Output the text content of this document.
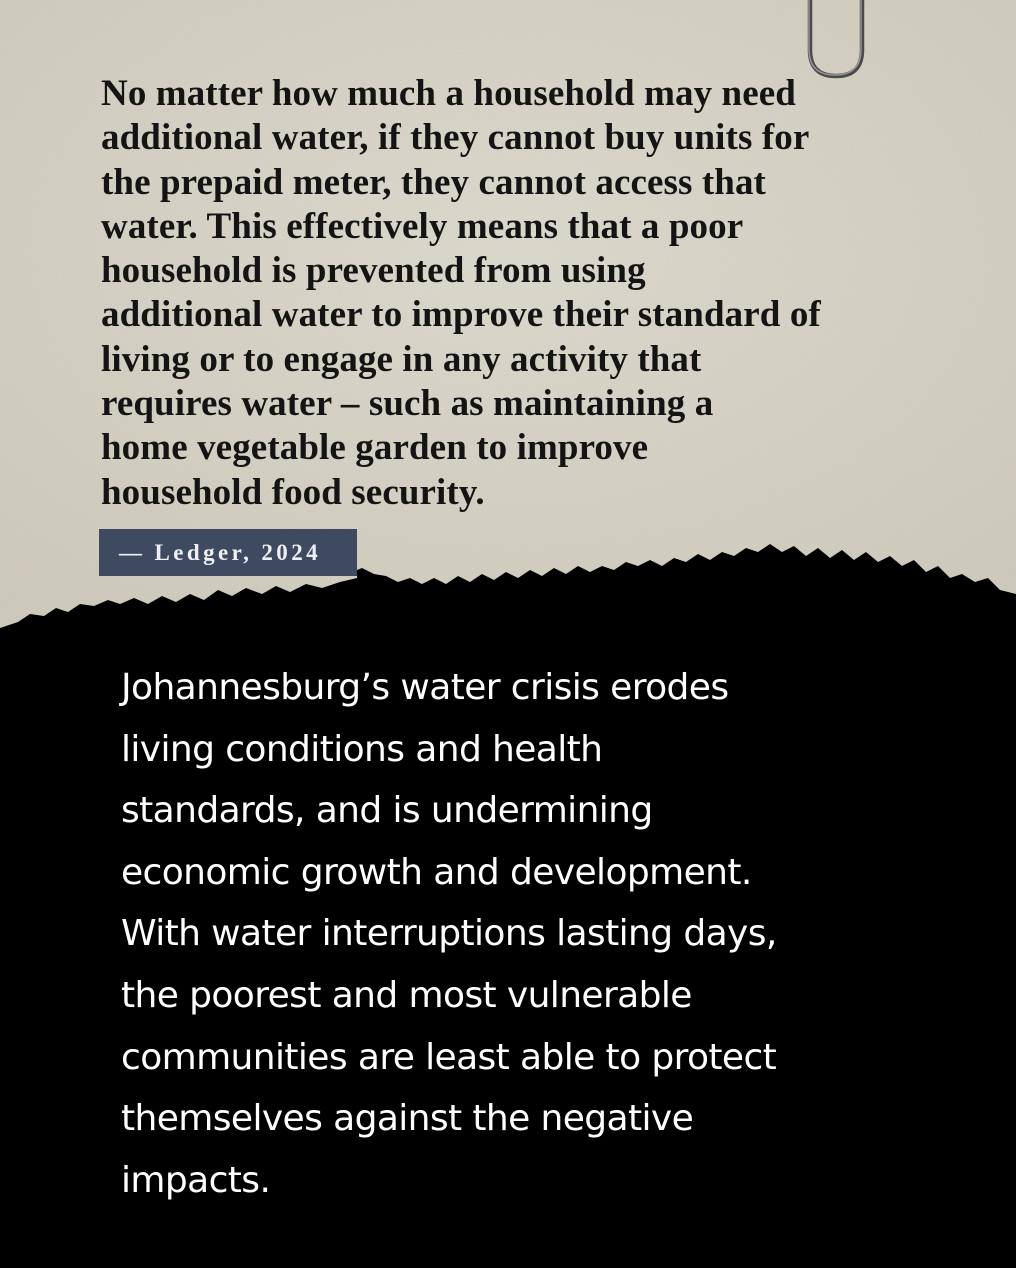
No matter how much a household may need
additional water, if they cannot buy units for
the prepaid meter, they cannot access that
water. This effectively means that a poor
household is prevented from using
additional water to improve their standard of
living or to engage in any activity that
requires water – such as maintaining a
home vegetable garden to improve
household food security.

— Ledger, 2024

Johannesburg’s water crisis erodes
living conditions and health
standards, and is undermining
economic growth and development.
With water interruptions lasting days,
the poorest and most vulnerable
communities are least able to protect
themselves against the negative
impacts.
